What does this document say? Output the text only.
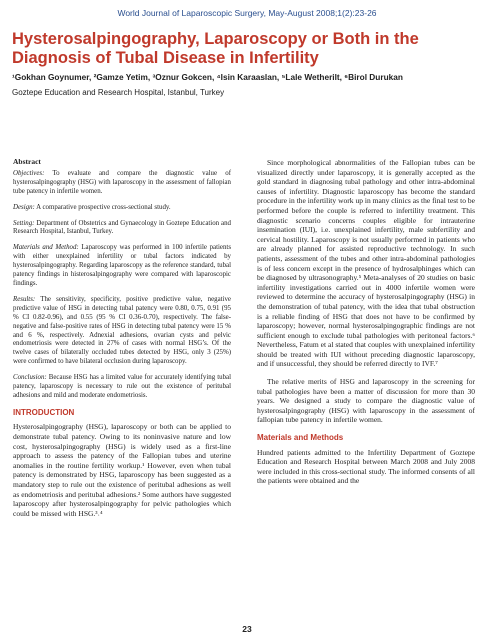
World Journal of Laparoscopic Surgery, May-August 2008;1(2):23-26
Hysterosalpingography, Laparoscopy or Both in the Diagnosis of Tubal Disease in Infertility
¹Gokhan Goynumer, ²Gamze Yetim, ³Oznur Gokcen, ⁴Isin Karaaslan, ⁵Lale Wetherilt, ⁶Birol Durukan
Goztepe Education and Research Hospital, Istanbul, Turkey
Abstract

Objectives: To evaluate and compare the diagnostic value of hysterosalpingography (HSG) with laparoscopy in the assessment of fallopian tube patency in infertile women.

Design: A comparative prospective cross-sectional study.

Setting: Department of Obstetrics and Gynaecology in Goztepe Education and Research Hospital, Istanbul, Turkey.

Materials and Method: Laparoscopy was performed in 100 infertile patients with either unexplained infertility or tubal factors indicated by hysterosalpingography. Regarding laparoscopy as the reference standard, tubal patency findings in histerosalpingography were compared with laparoscopic findings.

Results: The sensitivity, specificity, positive predictive value, negative predictive value of HSG in detecting tubal patency were 0.80, 0.75, 0.91 (95 % CI 0.82-0.96), and 0.55 (95 % CI 0.36-0.70), respectively. The false- negative and false-positive rates of HSG in detecting tubal patency were 15 % and 6 %, respectively. Adnexial adhesions, ovarian cysts and pelvic endometriosis were detected in 27% of cases with normal HSG’s. Of the twelve cases of bilaterally occluded tubes detected by HSG, only 3 (25%) were confirmed to have bilateral occlusion during laparoscopy.

Conclusion: Because HSG has a limited value for accurately identifying tubal patency, laparoscopy is necessary to rule out the existence of peritubal adhesions and mild and moderate endometriosis.

INTRODUCTION

Hysterosalpingography (HSG), laparoscopy or both can be applied to demonstrate tubal patency. Owing to its noninvasive nature and low cost, hysterosalpingography (HSG) is widely used as a first-line approach to assess the patency of the Fallopian tubes and uterine anomalies in the routine fertility workup.¹ However, even when tubal patency is demonstrated by HSG, laparoscopy has been suggested as a mandatory step to rule out the existence of peritubal adhesions as well as endometriosis and peritubal adhesions.² Some authors have suggested laparoscopy after hysterosalpingography for pelvic pathologies which could be missed with HSG.³˒⁴

Since morphological abnormalities of the Fallopian tubes can be visualized directly under laparoscopy, it is generally accepted as the gold standard in diagnosing tubal pathology and other intra-abdominal causes of infertility. Diagnostic laparoscopy has become the standard procedure in the infertility work up in many clinics as the final test to be performed before the couple is referred to infertility treatment. This diagnostic scenario concerns couples eligible for intrauterine insemination (IUI), i.e. unexplained infertility, male subfertility and cervical hostility. Laparoscopy is not usually performed in patients who are already planned for assisted reproductive technology. In such patients, assessment of the tubes and other intra-abdominal pathologies is of less concern except in the presence of hydrosalphinges which can be diagnosed by ultrasonography.⁵ Meta-analyses of 20 studies on basic infertility investigations carried out in 4000 infertile women were reviewed to determine the accuracy of hysterosalpingography (HSG) in the demonstration of tubal patency, with the idea that tubal obstruction is a reliable finding of HSG that does not have to be confirmed by laparoscopy; however, normal hysterosalpingographic findings are not sufficient enough to exclude tubal pathologies with peritoneal factors.⁶ Nevertheless, Fatum et al stated that couples with unexplained infertility should be treated with IUI without preceding diagnostic laparoscopy, and if unsuccessful, they should be referred directly to IVF.⁷

The relative merits of HSG and laparoscopy in the screening for tubal pathologies have been a matter of discussion for more than 30 years. We designed a study to compare the diagnostic value of hysterosalpingography (HSG) with laparoscopy in the assessment of fallopian tube patency in infertile women.

Materials and Methods

Hundred patients admitted to the Infertility Department of Goztepe Education and Research Hospital between March 2008 and July 2008 were included in this cross-sectional study. The informed consents of all the patients were obtained and the

23
